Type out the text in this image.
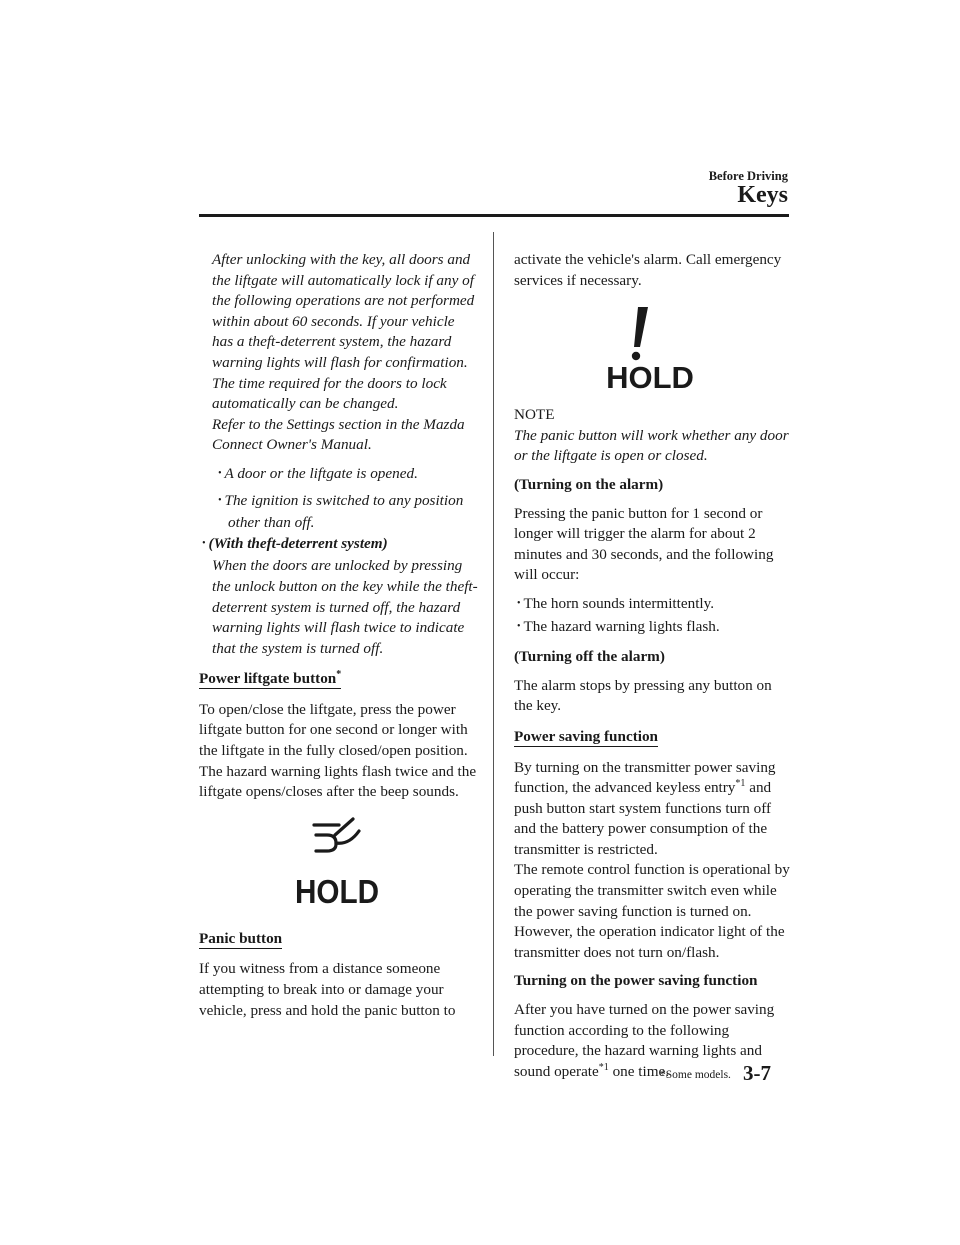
Before Driving
Keys

After unlocking with the key, all doors and the liftgate will automatically lock if any of the following operations are not performed within about 60 seconds. If your vehicle has a theft-deterrent system, the hazard warning lights will flash for confirmation.

The time required for the doors to lock automatically can be changed.

Refer to the Settings section in the Mazda Connect Owner's Manual.

• A door or the liftgate is opened.
• The ignition is switched to any position other than off.
• (With theft-deterrent system)

When the doors are unlocked by pressing the unlock button on the key while the theft-deterrent system is turned off, the hazard warning lights will flash twice to indicate that the system is turned off.

Power liftgate button*

To open/close the liftgate, press the power liftgate button for one second or longer with the liftgate in the fully closed/open position.

The hazard warning lights flash twice and the liftgate opens/closes after the beep sounds.

HOLD
Panic button

If you witness from a distance someone attempting to break into or damage your vehicle, press and hold the panic button to

activate the vehicle's alarm. Call emergency services if necessary.

HOLD

NOTE

The panic button will work whether any door or the liftgate is open or closed.

(Turning on the alarm)

Pressing the panic button for 1 second or longer will trigger the alarm for about 2 minutes and 30 seconds, and the following will occur:

• The horn sounds intermittently.
• The hazard warning lights flash.

(Turning off the alarm)

The alarm stops by pressing any button on the key.

Power saving function

By turning on the transmitter power saving function, the advanced keyless entry$^{*1}$ and push button start system functions turn off and the battery power consumption of the transmitter is restricted.

The remote control function is operational by operating the transmitter switch even while the power saving function is turned on. However, the operation indicator light of the transmitter does not turn on/flash.

Turning on the power saving function

After you have turned on the power saving function according to the following procedure, the hazard warning lights and sound operate$^{*1}$ one time.

*Some models. 3-7
